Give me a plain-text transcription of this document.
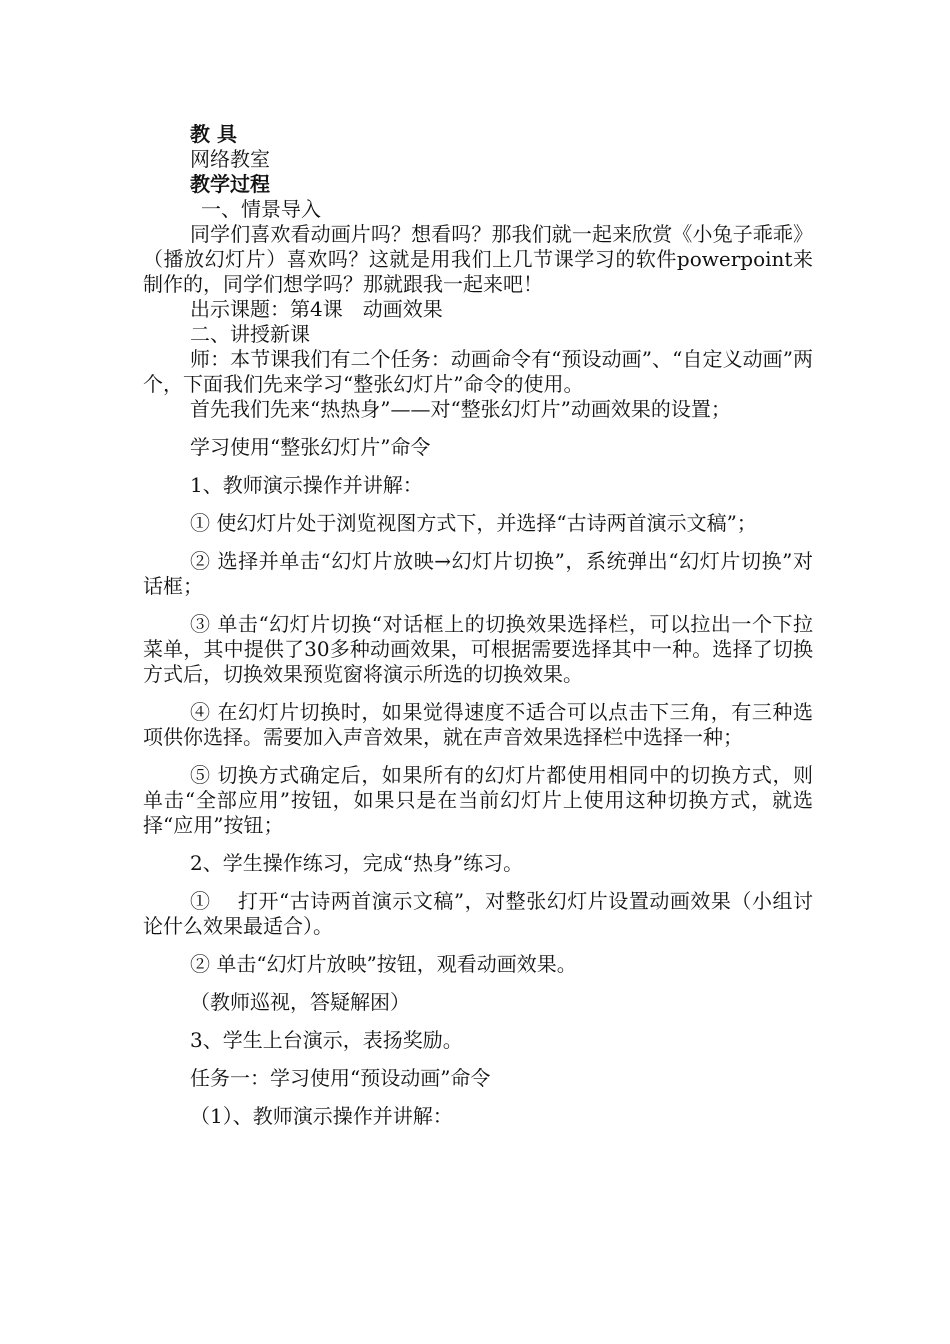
教 具

网络教室

教学过程

一、情景导入

同学们喜欢看动画片吗？想看吗？那我们就一起来欣赏《小兔子乖乖》（播放幻灯片）喜欢吗？这就是用我们上几节课学习的软件powerpoint来制作的，同学们想学吗？那就跟我一起来吧！

出示课题：第4课　动画效果

二、讲授新课

师：本节课我们有二个任务：动画命令有“预设动画”、“自定义动画”两个，下面我们先来学习“整张幻灯片”命令的使用。

首先我们先来“热热身”——对“整张幻灯片”动画效果的设置；

学习使用“整张幻灯片”命令

1、教师演示操作并讲解：

① 使幻灯片处于浏览视图方式下，并选择“古诗两首演示文稿”；

② 选择并单击“幻灯片放映→幻灯片切换”，系统弹出“幻灯片切换”对话框；

③ 单击“幻灯片切换“对话框上的切换效果选择栏，可以拉出一个下拉菜单，其中提供了30多种动画效果，可根据需要选择其中一种。选择了切换方式后，切换效果预览窗将演示所选的切换效果。

④ 在幻灯片切换时，如果觉得速度不适合可以点击下三角，有三种选项供你选择。需要加入声音效果，就在声音效果选择栏中选择一种；

⑤ 切换方式确定后，如果所有的幻灯片都使用相同中的切换方式，则单击“全部应用”按钮，如果只是在当前幻灯片上使用这种切换方式，就选择“应用”按钮；

2、学生操作练习，完成“热身”练习。

①　 打开“古诗两首演示文稿”，对整张幻灯片设置动画效果（小组讨论什么效果最适合）。

② 单击“幻灯片放映”按钮，观看动画效果。

（教师巡视，答疑解困）

3、学生上台演示，表扬奖励。

任务一：学习使用“预设动画”命令

（1）、教师演示操作并讲解：
